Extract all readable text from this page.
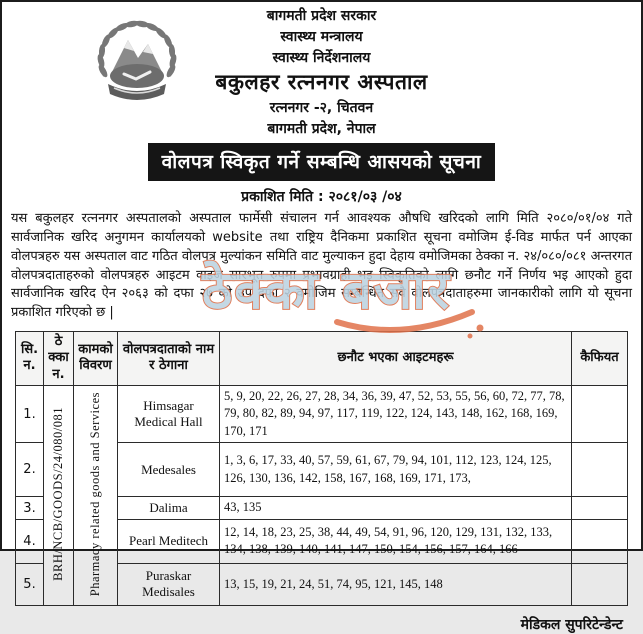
बागमती प्रदेश सरकार
स्वास्थ्य मन्त्रालय
स्वास्थ्य निर्देशनालय
बकुलहर रत्ननगर अस्पताल
रत्ननगर -२, चितवन
बागमती प्रदेश, नेपाल
वोलपत्र स्विकृत गर्ने सम्बन्धि आसयको सूचना
प्रकाशित मिति : २०८१/०३ /०४
यस बकुलहर रत्ननगर अस्पतालको अस्पताल फार्मेसी संचालन गर्न आवश्यक औषधि खरिदको लागि मिति २०८०/०१/०४ गते सार्वजानिक खरिद अनुगमन कार्यालयको website तथा राष्ट्रिय दैनिकमा प्रकाशित सूचना वमोजिम ई-विड मार्फत पर्न आएका वोलपत्रहरु यस अस्पताल वाट गठित वोलपत्र मुल्यांकन समिति वाट मुल्याकन हुदा देहाय वमोजिमका ठेक्का न. २४/०८०/०८१ अन्तरगत वोलपत्रदाताहरुको वोलपत्रहरु आइटम वाइज सारभूत रुपमा प्रभावग्राही भइ स्विकृतिको लागि छनौट गर्ने निर्णय भइ आएको हुदा सार्वजानिक खरिद ऐन २०६३ को दफा २७ को उप दफा २ वमोजिम सम्बन्धित सवै वोलपत्रदाताहरुमा जानकारीको लागि यो सूचना प्रकाशित गरिएको छ |	ठेक्का बजार
सि.न.	ठेक्का न.	कामको विवरण	वोलपत्रदाताको नाम र ठेगाना	छनौट भएका आइटमहरू	कैफियत
1.	BRH/NCB/GOODS/24/080/081	Pharmacy related goods and Services	Himsagar Medical Hall	5, 9, 20, 22, 26, 27, 28, 34, 36, 39, 47, 52, 53, 55, 56, 60, 72, 77, 78, 79, 80, 82, 89, 94, 97, 117, 119, 122, 124, 143, 148, 162, 168, 169, 170, 171	
2.			Medesales	1, 3, 6, 17, 33, 40, 57, 59, 61, 67, 79, 94, 101, 112, 123, 124, 125, 126, 130, 136, 142, 158, 167, 168, 169, 171, 173,	
3.			Dalima	43, 135	
4.			Pearl Meditech	12, 14, 18, 23, 25, 38, 44, 49, 54, 91, 96, 120, 129, 131, 132, 133, 134, 138, 139, 140, 141, 147, 150, 154, 156, 157, 164, 166	
5.			Puraskar Medisales	13, 15, 19, 21, 24, 51, 74, 95, 121, 145, 148	
मेडिकल सुपरिटेन्डेन्ट
